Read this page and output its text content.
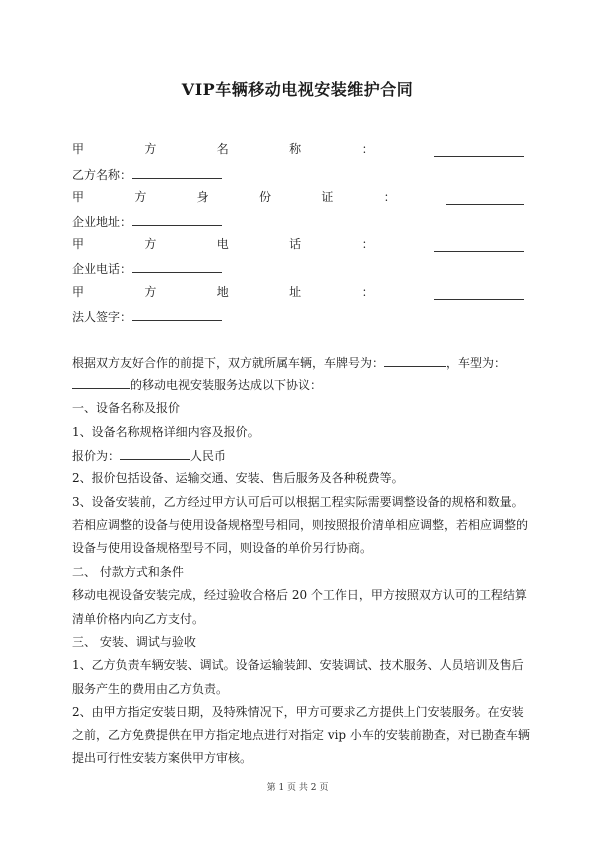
VIP车辆移动电视安装维护合同
甲	方	名	称	：
乙方名称：
甲	方	身	份	证	：
企业地址：
甲	方	电	话	：
企业电话：
甲	方	地	址	：
法人签字：
根据双方友好合作的前提下，双方就所属车辆，车牌号为：	，车型为：
的移动电视安装服务达成以下协议：
一、设备名称及报价
1、设备名称规格详细内容及报价。
报价为：	人民币
2、报价包括设备、运输交通、安装、售后服务及各种税费等。
3、设备安装前，乙方经过甲方认可后可以根据工程实际需要调整设备的规格和数量。
若相应调整的设备与使用设备规格型号相同，则按照报价清单相应调整，若相应调整的
设备与使用设备规格型号不同，则设备的单价另行协商。
二、 付款方式和条件
移动电视设备安装完成，经过验收合格后 20 个工作日，甲方按照双方认可的工程结算
清单价格内向乙方支付。
三、 安装、调试与验收
1、乙方负责车辆安装、调试。设备运输装卸、安装调试、技术服务、人员培训及售后
服务产生的费用由乙方负责。
2、由甲方指定安装日期，及特殊情况下，甲方可要求乙方提供上门安装服务。在安装
之前，乙方免费提供在甲方指定地点进行对指定 vip 小车的安装前勘查，对已勘查车辆
提出可行性安装方案供甲方审核。
第 1 页 共 2 页
